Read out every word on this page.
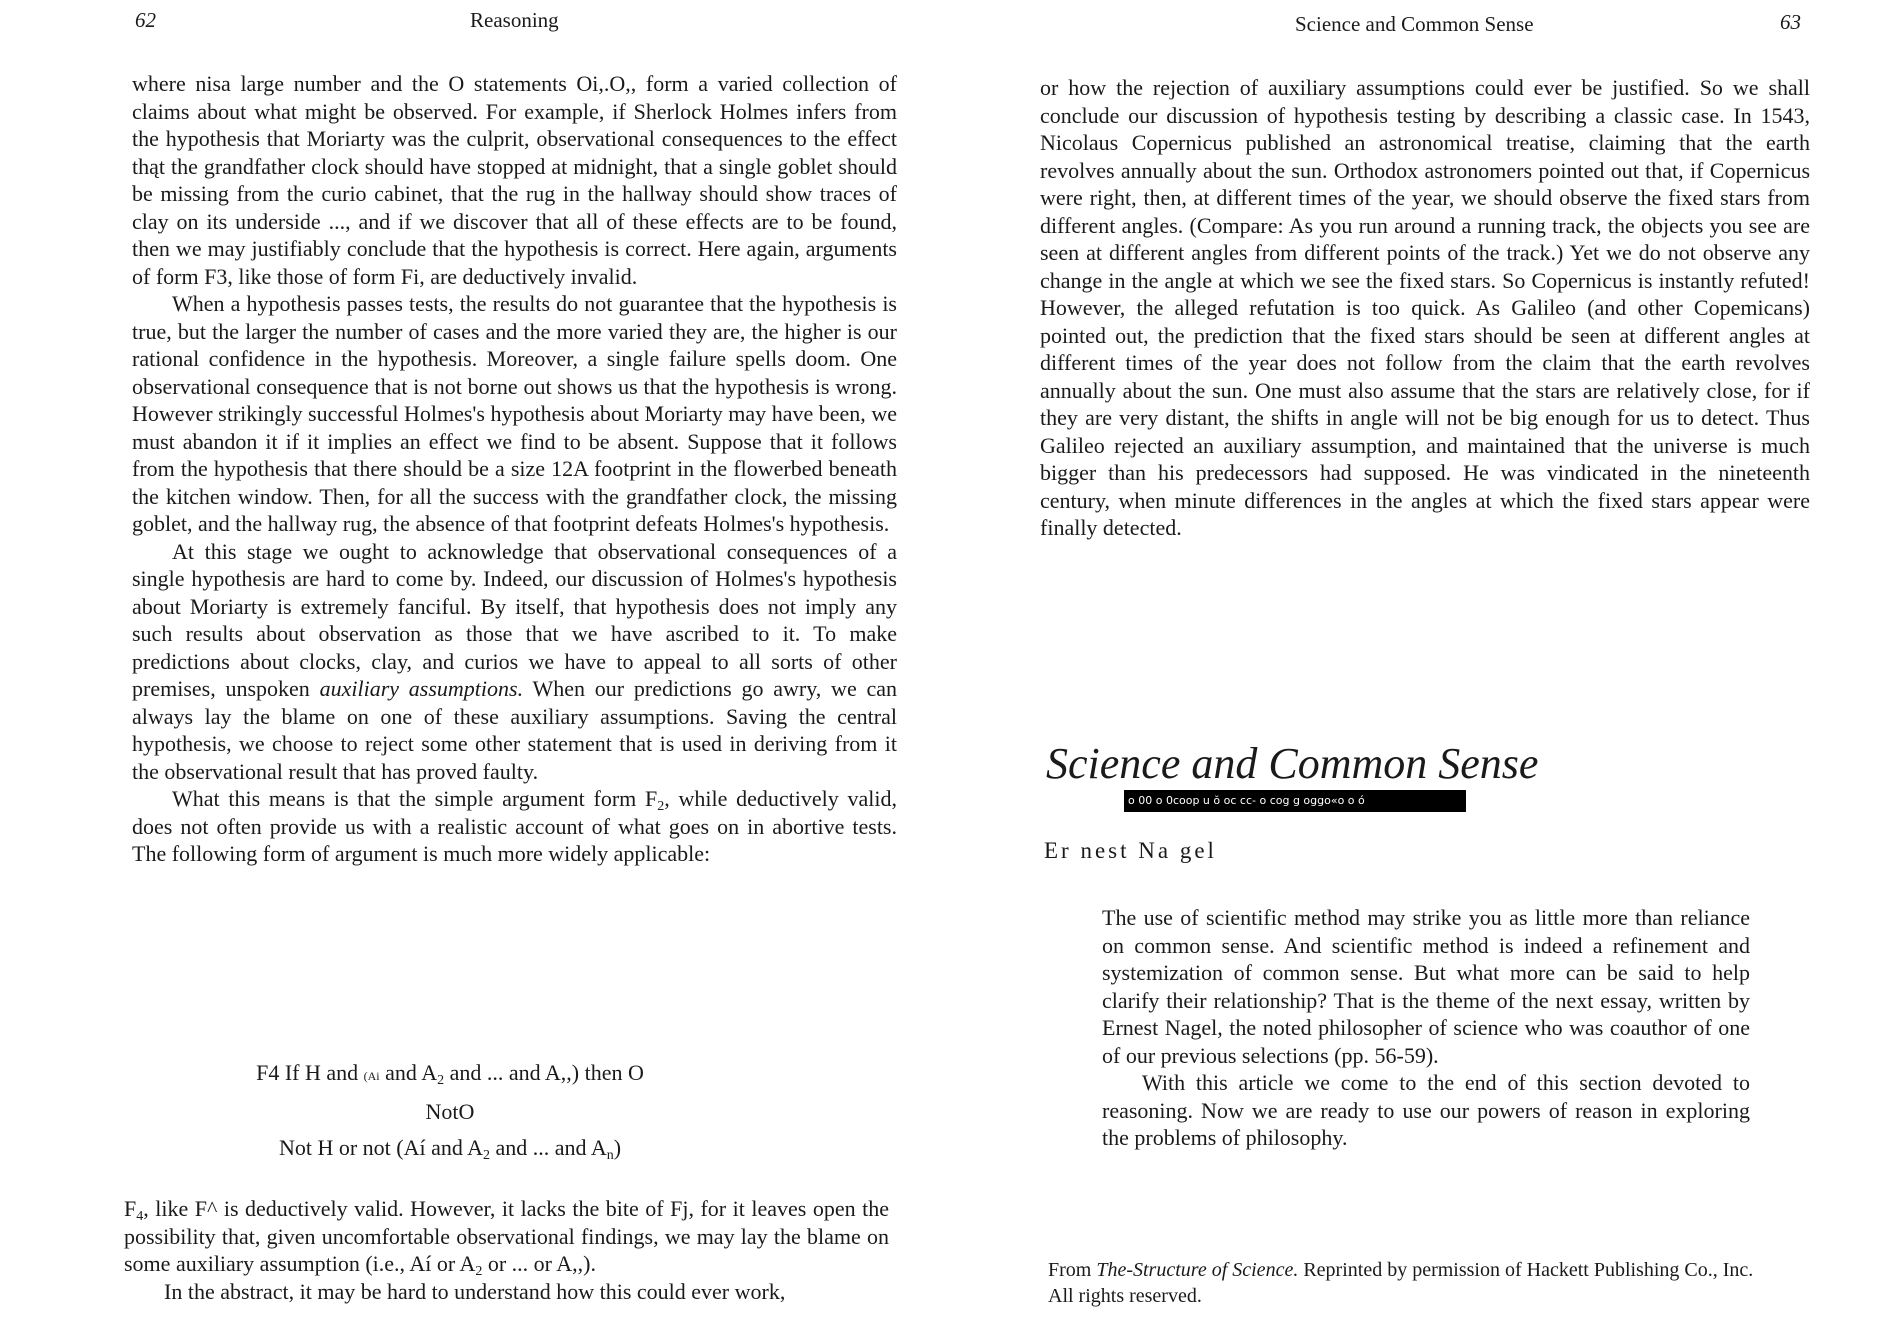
62	Reasoning

where nisa large number and the O statements Oi,.O,, form a varied collection of claims about what might be observed. For example, if Sherlock Holmes infers from the hypothesis that Moriarty was the culprit, observational consequences to the effect thąt the grandfather clock should have stopped at midnight, that a single goblet should be missing from the curio cabinet, that the rug in the hallway should show traces of clay on its underside ..., and if we discover that all of these effects are to be found, then we may justifiably conclude that the hypothesis is correct. Here again, arguments of form F3, like those of form Fi, are deductively invalid.

When a hypothesis passes tests, the results do not guarantee that the hypothesis is true, but the larger the number of cases and the more varied they are, the higher is our rational confidence in the hypothesis. Moreover, a single failure spells doom. One observational consequence that is not borne out shows us that the hypothesis is wrong. However strikingly successful Holmes's hypothesis about Moriarty may have been, we must abandon it if it implies an effect we find to be absent. Suppose that it follows from the hypothesis that there should be a size 12A footprint in the flowerbed beneath the kitchen window. Then, for all the success with the grandfather clock, the missing goblet, and the hallway rug, the absence of that footprint defeats Holmes's hypothesis.

At this stage we ought to acknowledge that observational consequences of a single hypothesis are hard to come by. Indeed, our discussion of Holmes's hypothesis about Moriarty is extremely fanciful. By itself, that hypothesis does not imply any such results about observation as those that we have ascribed to it. To make predictions about clocks, clay, and curios we have to appeal to all sorts of other premises, unspoken auxiliary assumptions. When our predictions go awry, we can always lay the blame on one of these auxiliary assumptions. Saving the central hypothesis, we choose to reject some other statement that is used in deriving from it the observational result that has proved faulty.

What this means is that the simple argument form $F_2$, while deductively valid, does not often provide us with a realistic account of what goes on in abortive tests. The following form of argument is much more widely applicable:

F4 If H and (Ai and $A_2$ and ... and A,,) then O
NotO
Not H or not (Aí and $A_2$ and ... and $A_n$)

$F_4$, like F^ is deductively valid. However, it lacks the bite of Fj, for it leaves open the possibility that, given uncomfortable observational findings, we may lay the blame on some auxiliary assumption (i.e., Aí or $A_2$ or ... or A,,).

In the abstract, it may be hard to understand how this could ever work,

Science and Common Sense	63

or how the rejection of auxiliary assumptions could ever be justified. So we shall conclude our discussion of hypothesis testing by describing a classic case. In 1543, Nicolaus Copernicus published an astronomical treatise, claiming that the earth revolves annually about the sun. Orthodox astronomers pointed out that, if Copernicus were right, then, at different times of the year, we should observe the fixed stars from different angles. (Compare: As you run around a running track, the objects you see are seen at different angles from different points of the track.) Yet we do not observe any change in the angle at which we see the fixed stars. So Copernicus is instantly refuted! However, the alleged refutation is too quick. As Galileo (and other Copemicans) pointed out, the prediction that the fixed stars should be seen at different angles at different times of the year does not follow from the claim that the earth revolves annually about the sun. One must also assume that the stars are relatively close, for if they are very distant, the shifts in angle will not be big enough for us to detect. Thus Galileo rejected an auxiliary assumption, and maintained that the universe is much bigger than his predecessors had supposed. He was vindicated in the nineteenth century, when minute differences in the angles at which the fixed stars appear were finally detected.

Science and Common Sense
o 00 o 0coop u ŏ oc cc- o cog g oggo«o o ó
Er nest Na gel

The use of scientific method may strike you as little more than reliance on common sense. And scientific method is indeed a refinement and systemization of common sense. But what more can be said to help clarify their relationship? That is the theme of the next essay, written by Ernest Nagel, the noted philosopher of science who was coauthor of one of our previous selections (pp. 56-59).

With this article we come to the end of this section devoted to reasoning. Now we are ready to use our powers of reason in exploring the problems of philosophy.

From The-Structure of Science. Reprinted by permission of Hackett Publishing Co., Inc. All rights reserved.
